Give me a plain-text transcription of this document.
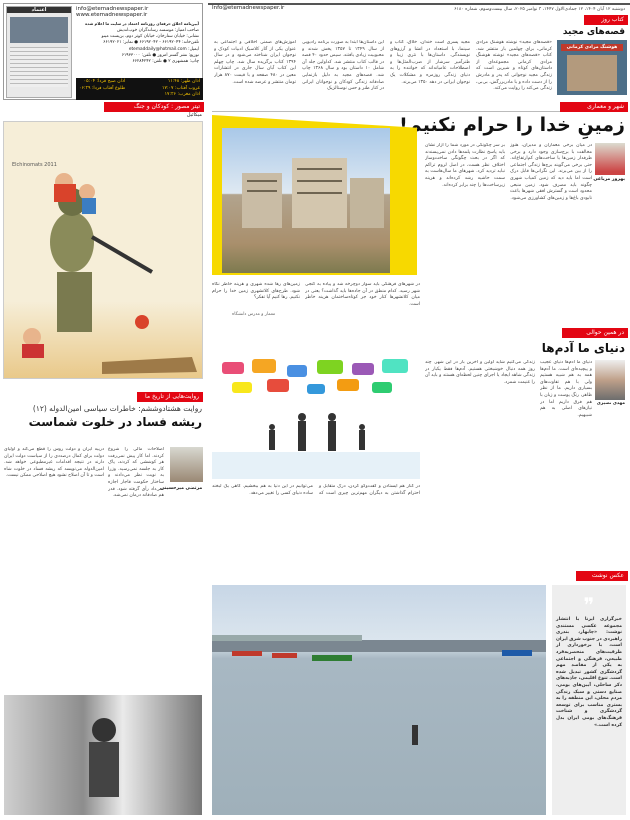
اعتماد	info@etemadnewspaper.ir
www.etemadnewspaper.ir
آیین‌نامه اخلاق حرفه‌ای روزنامه اعتماد در سایت ما اعلام شده
صاحب امتیاز: موسسه رسانه‌گران خوب‌اندیش
نشانی: خیابان ستارخان، خیابان کوثر دوم، بن‌بست مینو
تلفن‌خانه: ۶۶۱۹۲۰۴۴ - ۶۶۱۹۲۰۴۲ ● نمابر: ۶۶۱۹۲۰۲۱
ایمیل: etemaddaily@hotmail.com
توزیع: نشر گستر امروز ● تلفن: ۶۱۹۳۳۰۰۰
چاپ: همشهری ۲ ● تلفن: ۶۶۲۸۴۲۴۲
اذان ظهر: ۱۱:۴۸
غروب آفتاب: ۱۷:۰۷
اذان مغرب: ۱۷:۲۶
اذان صبح فردا: ۰۵:۰۴
طلوع آفتاب فردا: ۰۶:۲۹
تیتر مصور : کودکان و جنگ
میکائیل
Elchinomats 2011
روایت‌هایی از تاریخ ما
روایت هشتادوششم: خاطرات سیاسی امین‌الدوله (۱۲)
ریشه فساد در خلوت شماست
مرتضی میرحسینی
اصلاحات مالی را شروع کردند. اما کار پیش نمی‌رفت هر کوششی که کردند، پاک کار به جلسه نمی‌رسید. وزرا به نوبت نظر می‌دادند و ساختار حکومت قاجار اجازه نمی‌داد رأی گرفته شود. قدر هم صادقانه درمان نمی‌شد.
دربیه ایران و دولت روس را قطع می‌کند و اولیای دولت برای کمال درصددی را از سیاست دولت ایران دارند در نتیجه اقدامات غیرمطبوعی خواهد شد. امین‌الدوله می‌نویسد که ریشه فساد در خلوت شاه است و تا آن اصلاح نشود هیچ اصلاحی ممکن نیست.
دوشنبه ۱۲ آبان ۱۴۰۴، ۱۲ جمادی‌الاول ۱۴۴۷، ۳ نوامبر ۲۰۲۵، سال بیست‌وسوم، شماره ۶۱۸۰
Info@etemadnewspaper.ir
کتاب روز
قصه‌های مجید
هوشنگ مرادی کرمانی
«قصه‌های مجید» نوشته هوشنگ مرادی کرمانی، برای چهلمین بار منتشر شد. کتاب «قصه‌های مجید» نوشته هوشنگ مرادی کرمانی مجموعه‌ای از داستان‌های کوتاه و شیرین است که زندگی مجید نوجوانی که پدر و مادرش را از دست داده و با مادربزرگش، بی‌بی، زندگی می‌کند را روایت می‌کند.
مجید پسری است خندان، خلاق، کتاب و سینما، با استعداد در انشا و آرزوهای نویسندگی. داستان‌ها با نثری زیبا و طنزآمیز سرشار از ضرب‌المثل‌ها و اصطلاحات عامیانه‌اند که خواننده را به دنیای زندگی روزمره و مشکلات یک نوجوان ایرانی در دهه ۱۳۵۰ می‌برند.
این داستان‌ها ابتدا به صورت برنامه رادیویی از سال ۱۳۴۹ تا ۱۳۵۷ پخش شدند و محبوبیت زیادی یافتند. سپس حدود ۴۰ قصه در قالب کتاب منتشر شد. کداولین جلد آن شامل ۱۰ داستان بود و سال ۱۳۶۸ چاپ شد. قصه‌های مجید به دلیل بازنمایی صادقانه زندگی کودکان و نوجوانان ایرانی در کنار طنز و حس نوستالژیک
آموزش‌های ضمنی اخلاقی و اجتماعی به عنوان یکی از آثار کلاسیک ادبیات کودک و نوجوان ایران شناخته می‌شود و در سال ۱۳۹۴ کتاب برگزیده سال شد. چاپ چهلم این کتاب آبان سال جاری در انتشارات معین در ۴۸۰ صفحه و با قیمت ۸۷۰ هزار تومان منتشر و عرضه شده است.
شهر و معماری
زمینِ خدا را حرام نکنیم!
بهروز مرباغی
در میان برخی معماران و مدیران، هنوز مخالفت با برج‌سازی وجود دارد و برخی طرفدار زمین‌ها یا ساخت‌های کم‌ارتفاع‌اند. حتی برخی می‌گویند برج‌ها زندگی اجتماعی را از بین می‌برند. این نگرانی‌ها قابل درک است اما باید دید که زمین کمیاب شهری چگونه باید مصرف شود. زمین منبعی محدود است و گسترش افقی شهرها باعث نابودی باغ‌ها و زمین‌های کشاورزی می‌شود.
بر سر چگونگی در مورد شما را آزار نشان باید پاسخ نظارت پلمه‌ها دادن نمی‌پسندند که اگر در بحث چگونگی ساخت‌وساز اختلاف نظر هست، در اصل لزوم تراکم نباید تردید کرد. شهرهای ما سال‌هاست به سمت حاشیه رشد کرده‌اند و هزینه زیرساخت‌ها را چند برابر کرده‌اند.
در شهرهای فرهنگی باید سوار دوچرخه شد و پیاده به کنجی شهر رسید. کدام منطق در آن جاده‌ها باید گذاشت؟ یعنی در میان کلانشهرها کنار خود جز کوتاه‌ساختمان هزینه خاطر است.
زمین‌های رها شده شهری و هزینه خاطر نگاه شود. طرح‌های کلانشهری زمین خدا را حرام نکنیم. رها کنیم آیا تفکر؟
معمار و مدرس دانشگاه
در همین حوالی
دنیای ما آدم‌ها
مهدی نصیری
دنیای ما آدم‌ها دنیای عجیب و پیچیده‌ای است. ما آدم‌ها همه به هم شبیه هستیم ولی با هم تفاوت‌های بسیاری داریم. ما از نظر ظاهر، رنگ پوست و زبان با هم فرق داریم اما در نیازهای اصلی به هم شبیهیم.
زندگی می‌کنیم شاید اولین و آخرین بار در این شهر. چند روز همه دنبال خوشبختی هستیم. آدم‌ها فقط یکبار در زندگی شاهد ایجاد یا اجرای چنین لحظه‌ای هستند و باید آن را غنیمت شمرد.
در کنار هم ایستادن و گفت‌وگو کردن، درک متقابل و احترام گذاشتن به دیگران مهم‌ترین چیزی است که می‌توانیم در این دنیا به هم ببخشیم. گاهی یک لبخند ساده دنیای کسی را تغییر می‌دهد.
عکس نوشت
❞
خبرگزاری ایرنا با انتشار مجموعه عکسی مستندی نوشت: «چابهار، بندری راهبردی در جنوب شرق ایران است، با برخورداری از ظرفیت‌های منحصربه‌فرد طبیعی، فرهنگی و اجتماعی به یکی از مقاصد مهم گردشگری کشور تبدیل شده است. تنوع اقلیمی، جاذبه‌های دکر ساحلی، آیین‌های بومی، صنایع دستی و سبک زندگی مردم محلی، این منطقه را به بستری مناسب برای توسعه گردشگری و شناخت فرهنگ‌های بومی ایران بدل کرده است.»
